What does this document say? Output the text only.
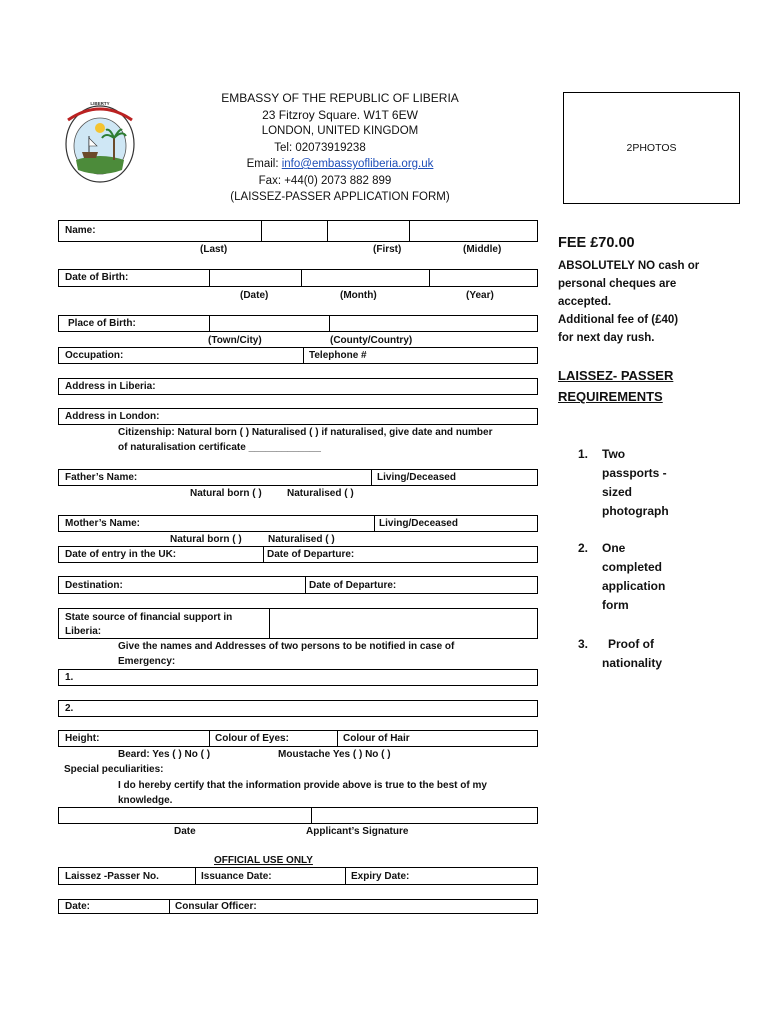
LIBERTY	EMBASSY OF THE REPUBLIC OF LIBERIA
23 Fitzroy Square. W1T 6EW
LONDON, UNITED KINGDOM
Tel: 02073919238
Email: info@embassyofliberia.org.uk
Fax: +44(0) 2073 882 899
(LAISSEZ-PASSER APPLICATION FORM)
2PHOTOS
Name:
(Last)	(First)	(Middle)
Date of Birth:
(Date)	(Month)	(Year)
Place of Birth:
(Town/City)	(County/Country)
Occupation:	Telephone #
Address in Liberia:
Address in London:
Citizenship: Natural born ( ) Naturalised ( ) if naturalised, give date and number
of naturalisation certificate _____________
Father’s Name:	Living/Deceased
Natural born ( )	Naturalised ( )
Mother’s Name:	Living/Deceased
Natural born ( )	Naturalised ( )
Date of entry in the UK:	Date of Departure:
Destination:	Date of Departure:
State source of financial support in
Liberia:
Give the names and Addresses of two persons to be notified in case of
Emergency:
1.
2.
Height:	Colour of Eyes:	Colour of Hair
Beard: Yes ( ) No ( )	Moustache Yes ( ) No ( )
Special peculiarities:
I do hereby certify that the information provide above is true to the best of my
knowledge.
Date	Applicant’s Signature
OFFICIAL USE ONLY
Laissez -Passer No.	Issuance Date:	Expiry Date:
Date:	Consular Officer:
FEE £70.00
ABSOLUTELY NO cash or
personal cheques are
accepted.
Additional fee of (£40)
for next day rush.
LAISSEZ- PASSER
REQUIREMENTS
1. Two
passports -
sized
photograph
2. One
completed
application
form
3.	Proof of
nationality
